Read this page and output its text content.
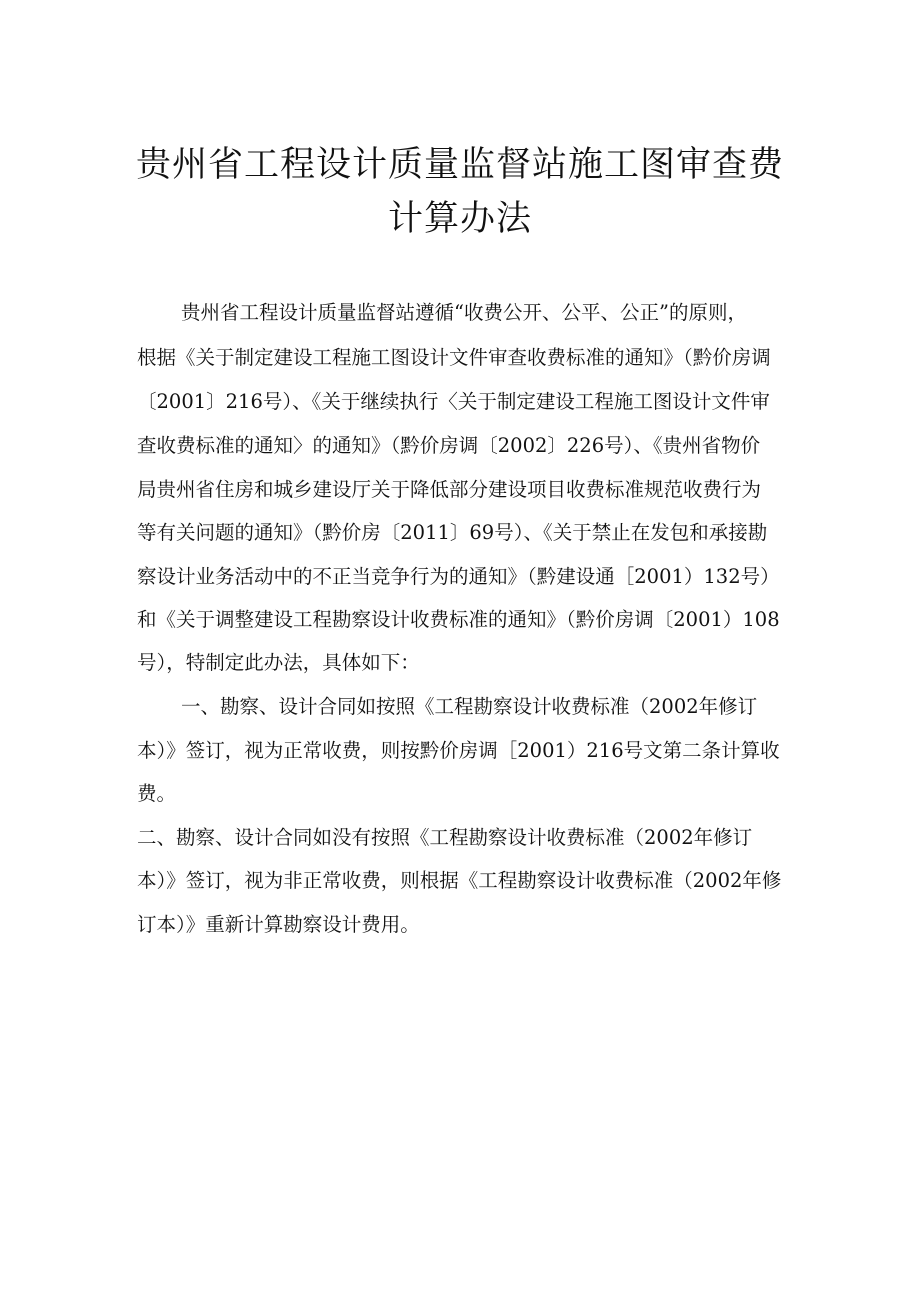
贵州省工程设计质量监督站施工图审查费
计算办法
贵州省工程设计质量监督站遵循“收费公开、公平、公正”的原则，
根据《关于制定建设工程施工图设计文件审查收费标准的通知》（黔价房调
〔2001〕216号）、《关于继续执行〈关于制定建设工程施工图设计文件审
查收费标准的通知〉的通知》（黔价房调〔2002〕226号）、《贵州省物价
局贵州省住房和城乡建设厅关于降低部分建设项目收费标准规范收费行为
等有关问题的通知》（黔价房〔2011〕69号）、《关于禁止在发包和承接勘
察设计业务活动中的不正当竞争行为的通知》（黔建设通［2001）132号）
和《关于调整建设工程勘察设计收费标准的通知》（黔价房调〔2001）108
号），特制定此办法，具体如下：
一、勘察、设计合同如按照《工程勘察设计收费标准（2002年修订
本）》签订，视为正常收费，则按黔价房调［2001）216号文第二条计算收
费。
二、勘察、设计合同如没有按照《工程勘察设计收费标准（2002年修订
本）》签订，视为非正常收费，则根据《工程勘察设计收费标准（2002年修
订本）》重新计算勘察设计费用。
